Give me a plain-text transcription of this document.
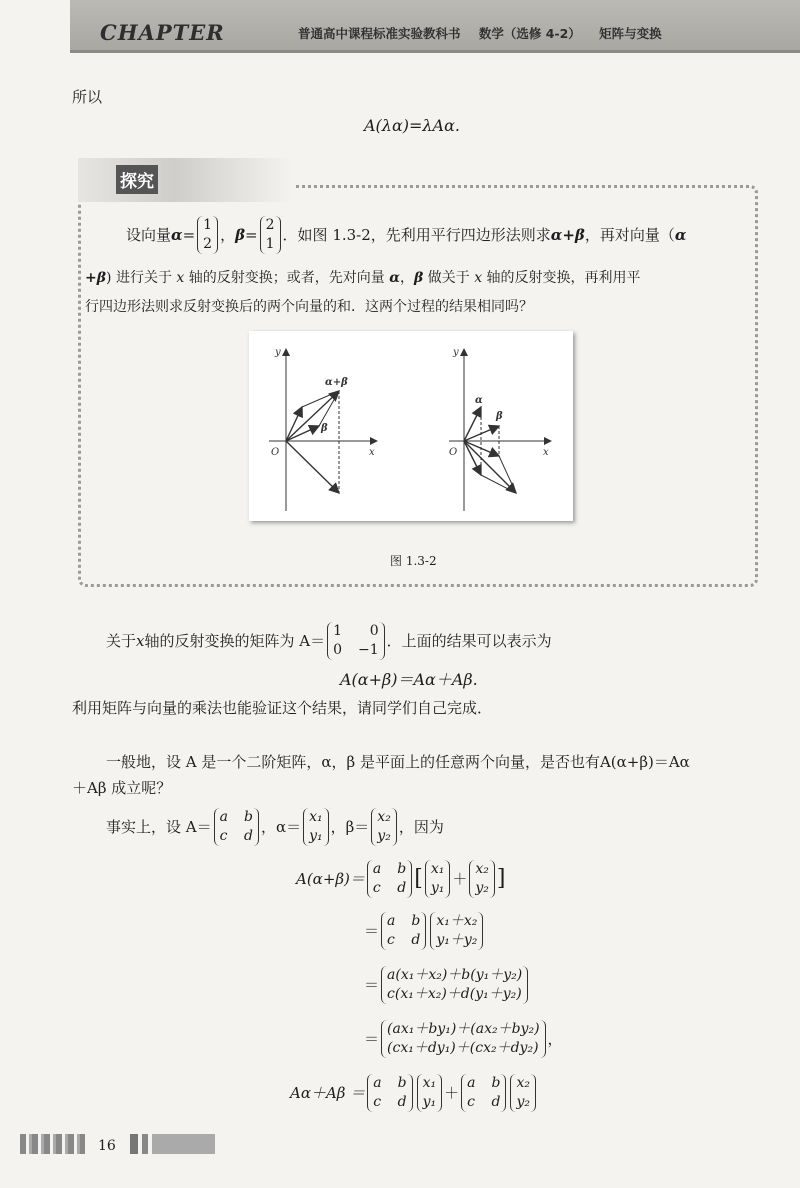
CHAPTER	普通高中课程标准实验教科书 数学（选修 4-2） 矩阵与变换
所以
A(λα)=λAα.
探究
设向量 α =
1
2 ， β =
2
1 ．如图 1.3-2，先利用平行四边形法则求 α+β ，再对向量（ α
+β) 进行关于 x 轴的反射变换；或者，先对向量 α，β 做关于 x 轴的反射变换，再利用平
行四边形法则求反射变换后的两个向量的和．这两个过程的结果相同吗？
y
x
O
α+β
β
y
x
O
α
β
图 1.3-2
关于 x 轴的反射变换的矩阵为 A＝
1 0
0 −1 ．上面的结果可以表示为
A(α+β)＝Aα＋Aβ.
利用矩阵与向量的乘法也能验证这个结果，请同学们自己完成．
一般地，设 A 是一个二阶矩阵，α，β 是平面上的任意两个向量，是否也有A(α+β)＝Aα
＋Aβ 成立呢？
事实上，设 A＝
a b
c d ，α＝
x₁
y₁ ，β＝
x₂
y₂ ，因为
A(α+β)＝
a b
c d [ x₁
y₁ ＋
x₂
y₂ ]
＝
a b
c d
x₁＋x₂
y₁＋y₂
＝
a(x₁＋x₂)＋b(y₁＋y₂)
c(x₁＋x₂)＋d(y₁＋y₂)
＝
(ax₁＋by₁)＋(ax₂＋by₂)
(cx₁＋dy₁)＋(cx₂＋dy₂) ，
Aα＋Aβ ＝
a b
c d
x₁
y₁ ＋
a b
c d
x₂
y₂
16
